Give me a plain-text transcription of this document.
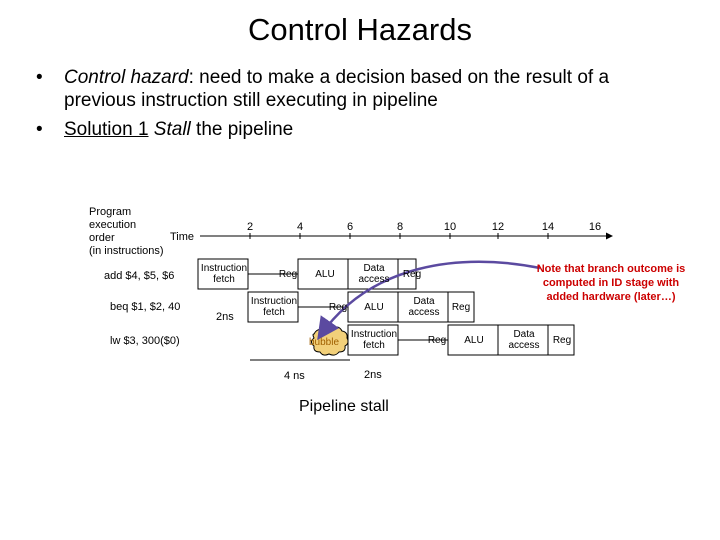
Control Hazards
• Control hazard: need to make a decision based on the result of a
previous instruction still executing in pipeline
• Solution 1 Stall the pipeline
Program
execution
order
(in instructions)
Time
2	4	6	8	10	12	14	16
add $4, $5, $6
beq $1, $2, 40
lw $3, 300($0)
Instruction
fetch	Reg	ALU
Data
access	Reg
Instruction
fetch	Reg	ALU
Data
access	Reg
bubble
Instruction
fetch	Reg	ALU
Data
access	Reg
2ns
4 ns	2ns
Note that branch outcome is
computed in ID stage with
added hardware (later…)
Pipeline stall
